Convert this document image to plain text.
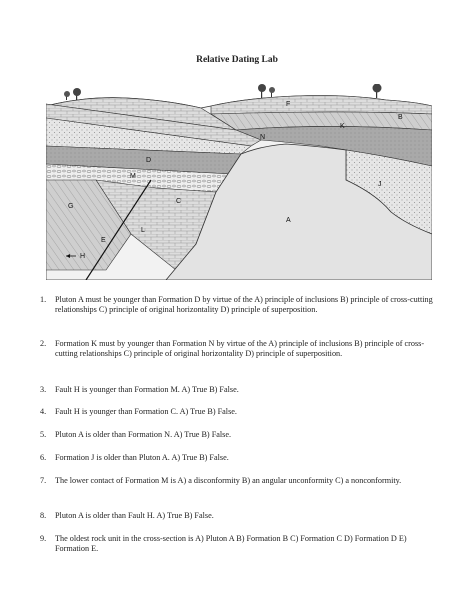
Relative Dating Lab
A
B
C
D
E
F
G
H
J
K
L
M
N
1.	Pluton A must be younger than Formation D by virtue of the A) principle of inclusions B) principle of cross-cutting relationships C) principle of original horizontality D) principle of superposition.
2.	Formation K must by younger than Formation N by virtue of the A) principle of inclusions B) principle of cross-cutting relationships C) principle of original horizontality D) principle of superposition.
3.	Fault H is younger than Formation M. A) True B) False.
4.	Fault H is younger than Formation C. A) True B) False.
5.	Pluton A is older than Formation N. A) True B) False.
6.	Formation J is older than Pluton A. A) True B) False.
7.	The lower contact of Formation M is A) a disconformity B) an angular unconformity C) a nonconformity.
8.	Pluton A is older than Fault H. A) True B) False.
9.	The oldest rock unit in the cross-section is A) Pluton A B) Formation B C) Formation C D) Formation D E) Formation E.
